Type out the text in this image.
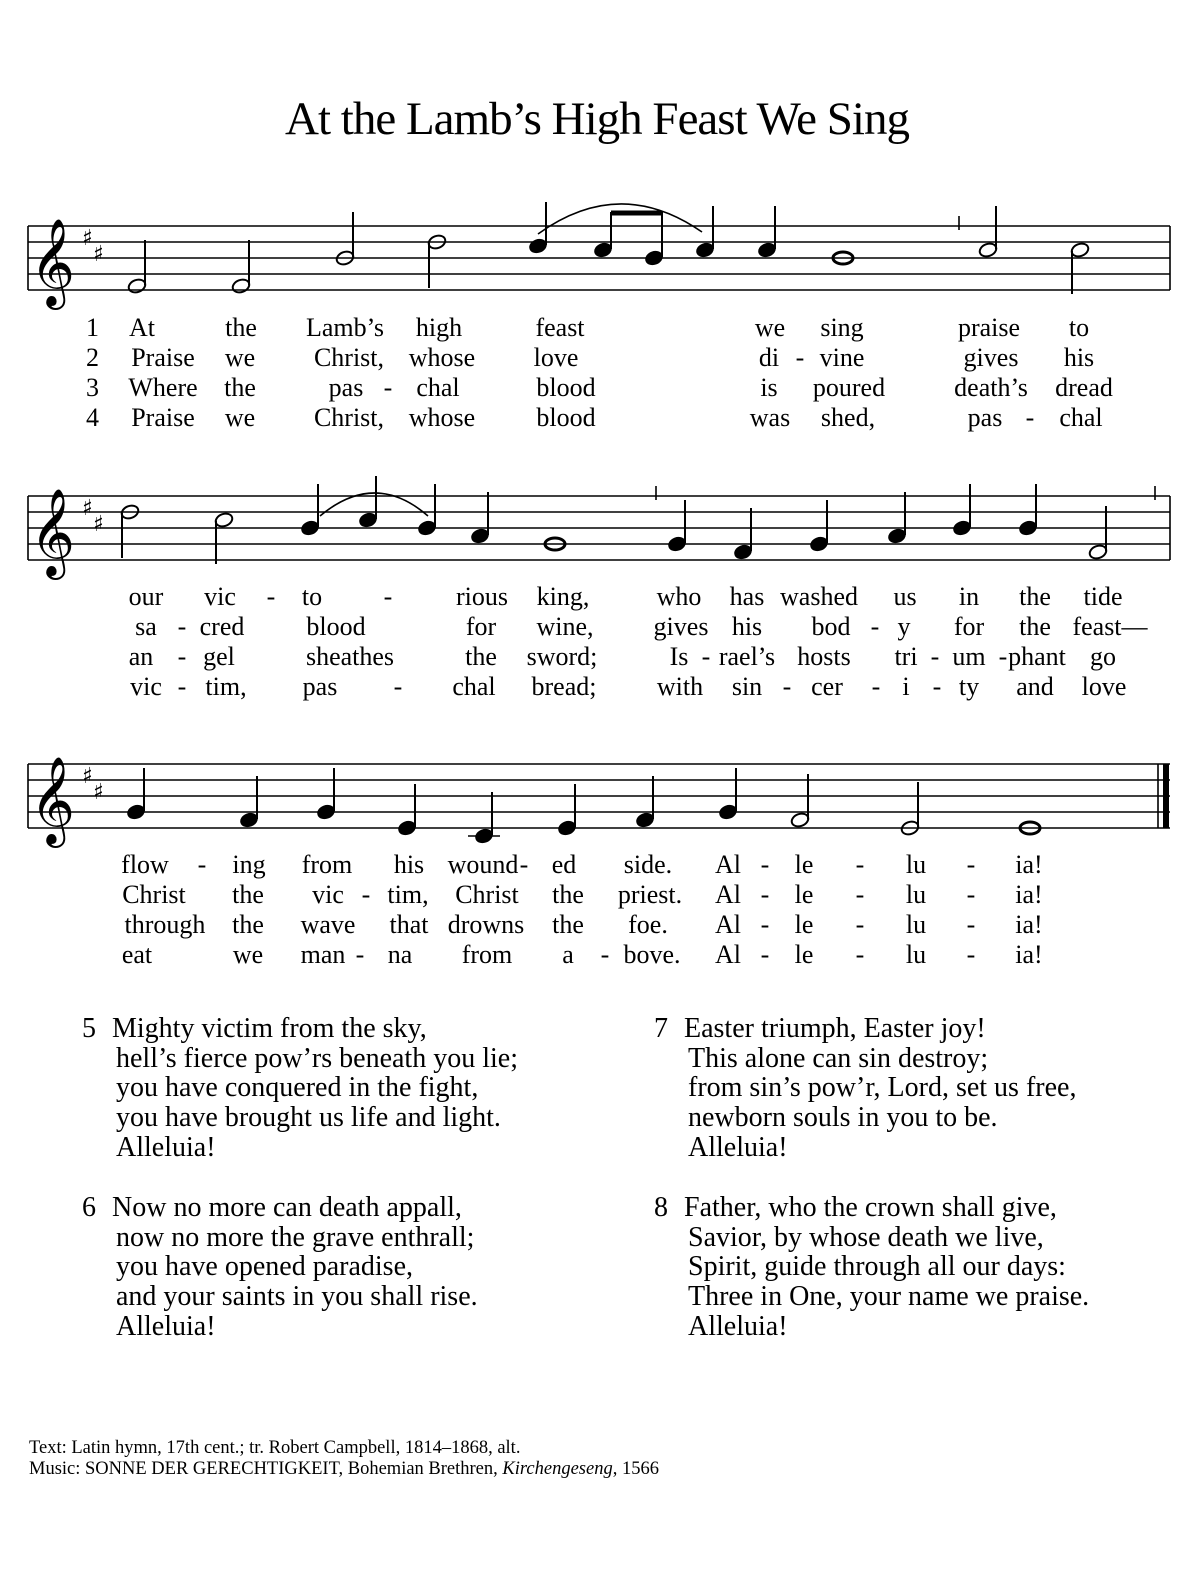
At the Lamb’s High Feast We Sing
𝄞 ♯
♯
1 At	the Lamb’s high	feast	we sing	praise to
2 Praise we Christ, whose love	di - vine	gives his
3 Where the	pas - chal	blood	is poured	death’s dread
4 Praise we Christ, whose blood	was shed,	pas - chal
𝄞 ♯
♯
our vic - to - rious king,	who has washed us in the tide
sa - cred blood	for wine, gives his bod - y for the feast—
an - gel	sheathes	the sword;	Is - rael’s hosts tri - um - phant go
vic - tim, pas - chal bread; with sin - cer - i - ty and love
𝄞 ♯
♯
flow - ing from his wound - ed side. Al - le - lu - ia!
Christ the vic - tim, Christ the priest. Al - le - lu - ia!
through the wave that drowns the foe. Al - le - lu - ia!
eat	we man - na from a - bove. Al - le - lu - ia!
5 Mighty victim from the sky,
hell’s fierce pow’rs beneath you lie;
you have conquered in the fight,
you have brought us life and light.
Alleluia!
7 Easter triumph, Easter joy!
This alone can sin destroy;
from sin’s pow’r, Lord, set us free,
newborn souls in you to be.
Alleluia!
6 Now no more can death appall,
now no more the grave enthrall;
you have opened paradise,
and your saints in you shall rise.
Alleluia!
8 Father, who the crown shall give,
Savior, by whose death we live,
Spirit, guide through all our days:
Three in One, your name we praise.
Alleluia!
Text: Latin hymn, 17th cent.; tr. Robert Campbell, 1814–1868, alt.
Music: SONNE DER GERECHTIGKEIT, Bohemian Brethren, Kirchengeseng, 1566
